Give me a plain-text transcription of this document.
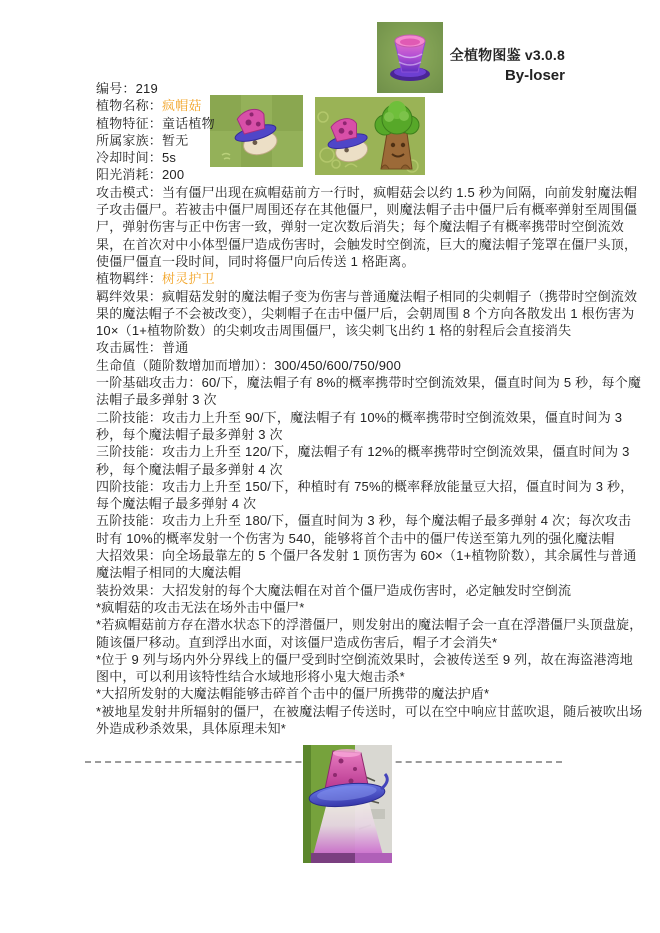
全植物图鉴 v3.0.8
By-loser

编号：219

植物名称：疯帽菇

植物特征：童话植物

所属家族：暂无

冷却时间：5s

阳光消耗：200

攻击模式：当有僵尸出现在疯帽菇前方一行时，疯帽菇会以约 1.5 秒为间隔，向前发射魔法帽子攻击僵尸。若被击中僵尸周围还存在其他僵尸，则魔法帽子击中僵尸后有概率弹射至周围僵尸，弹射伤害与正中伤害一致，弹射一定次数后消失；每个魔法帽子有概率携带时空倒流效果，在首次对中小体型僵尸造成伤害时，会触发时空倒流，巨大的魔法帽子笼罩在僵尸头顶，使僵尸僵直一段时间，同时将僵尸向后传送 1 格距离。

植物羁绊：树灵护卫

羁绊效果：疯帽菇发射的魔法帽子变为伤害与普通魔法帽子相同的尖刺帽子（携带时空倒流效果的魔法帽子不会被改变），尖刺帽子在击中僵尸后，会朝周围 8 个方向各散发出 1 根伤害为 10×（1+植物阶数）的尖刺攻击周围僵尸，该尖刺飞出约 1 格的射程后会直接消失

攻击属性：普通

生命值（随阶数增加而增加）：300/450/600/750/900

一阶基础攻击力：60/下，魔法帽子有 8%的概率携带时空倒流效果，僵直时间为 5 秒，每个魔法帽子最多弹射 3 次

二阶技能：攻击力上升至 90/下，魔法帽子有 10%的概率携带时空倒流效果，僵直时间为 3 秒，每个魔法帽子最多弹射 3 次

三阶技能：攻击力上升至 120/下，魔法帽子有 12%的概率携带时空倒流效果，僵直时间为 3 秒，每个魔法帽子最多弹射 4 次

四阶技能：攻击力上升至 150/下，种植时有 75%的概率释放能量豆大招，僵直时间为 3 秒，每个魔法帽子最多弹射 4 次

五阶技能：攻击力上升至 180/下，僵直时间为 3 秒，每个魔法帽子最多弹射 4 次；每次攻击时有 10%的概率发射一个伤害为 540，能够将首个击中的僵尸传送至第九列的强化魔法帽

大招效果：向全场最靠左的 5 个僵尸各发射 1 顶伤害为 60×（1+植物阶数），其余属性与普通魔法帽子相同的大魔法帽

装扮效果：大招发射的每个大魔法帽在对首个僵尸造成伤害时，必定触发时空倒流

*疯帽菇的攻击无法在场外击中僵尸*

*若疯帽菇前方存在潜水状态下的浮潜僵尸，则发射出的魔法帽子会一直在浮潜僵尸头顶盘旋，随该僵尸移动。直到浮出水面，对该僵尸造成伤害后，帽子才会消失*

*位于 9 列与场内外分界线上的僵尸受到时空倒流效果时，会被传送至 9 列，故在海盗港湾地图中，可以利用该特性结合水域地形将小鬼大炮击杀*

*大招所发射的大魔法帽能够击碎首个击中的僵尸所携带的魔法护盾*

*被地星发射井所辐射的僵尸，在被魔法帽子传送时，可以在空中响应甘蓝吹退，随后被吹出场外造成秒杀效果，具体原理未知*
